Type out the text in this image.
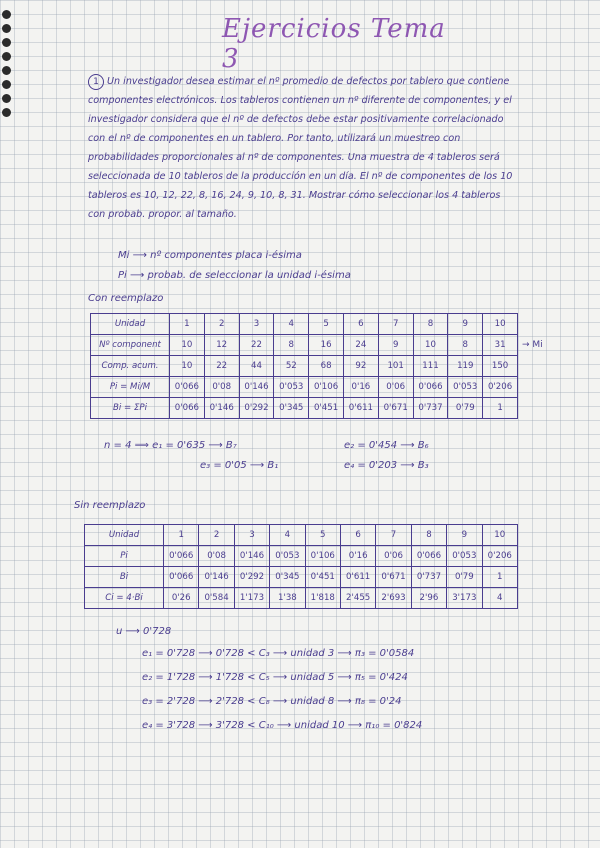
Ejercicios Tema 3
1 Un investigador desea estimar el nº promedio de defectos por tablero que contiene componentes electrónicos. Los tableros contienen un nº diferente de componentes, y el investigador considera que el nº de defectos debe estar positivamente correlacionado con el nº de componentes en un tablero. Por tanto, utilizará un muestreo con probabilidades proporcionales al nº de componentes. Una muestra de 4 tableros será seleccionada de 10 tableros de la producción en un día. El nº de componentes de los 10 tableros es 10, 12, 22, 8, 16, 24, 9, 10, 8, 31. Mostrar cómo seleccionar los 4 tableros con probab. propor. al tamaño.
Mi ⟶ nº componentes placa i-ésima
Pi ⟶ probab. de seleccionar la unidad i-ésima
Con reemplazo
Unidad	1	2	3	4	5	6	7	8	9	10
Nº component	10	12	22	8	16	24	9	10	8	31
Comp. acum.	10	22	44	52	68	92	101	111	119	150
Pi = Mi/M	0'066	0'08	0'146	0'053	0'106	0'16	0'06	0'066	0'053	0'206
Bi = ΣPi	0'066	0'146	0'292	0'345	0'451	0'611	0'671	0'737	0'79	1
→ Mi
n = 4 ⟹ e₁ = 0'635 ⟶ B₇	e₂ = 0'454 ⟶ B₆
e₃ = 0'05 ⟶ B₁	e₄ = 0'203 ⟶ B₃
Sin reemplazo
Unidad	1	2	3	4	5	6	7	8	9	10
Pi	0'066	0'08	0'146	0'053	0'106	0'16	0'06	0'066	0'053	0'206
Bi	0'066	0'146	0'292	0'345	0'451	0'611	0'671	0'737	0'79	1
Ci = 4·Bi	0'26	0'584	1'173	1'38	1'818	2'455	2'693	2'96	3'173	4
u ⟶ 0'728
e₁ = 0'728 ⟶ 0'728 < C₃ ⟶ unidad 3 ⟶ π₃ = 0'0584
e₂ = 1'728 ⟶ 1'728 < C₅ ⟶ unidad 5 ⟶ π₅ = 0'424
e₃ = 2'728 ⟶ 2'728 < C₈ ⟶ unidad 8 ⟶ π₈ = 0'24
e₄ = 3'728 ⟶ 3'728 < C₁₀ ⟶ unidad 10 ⟶ π₁₀ = 0'824
